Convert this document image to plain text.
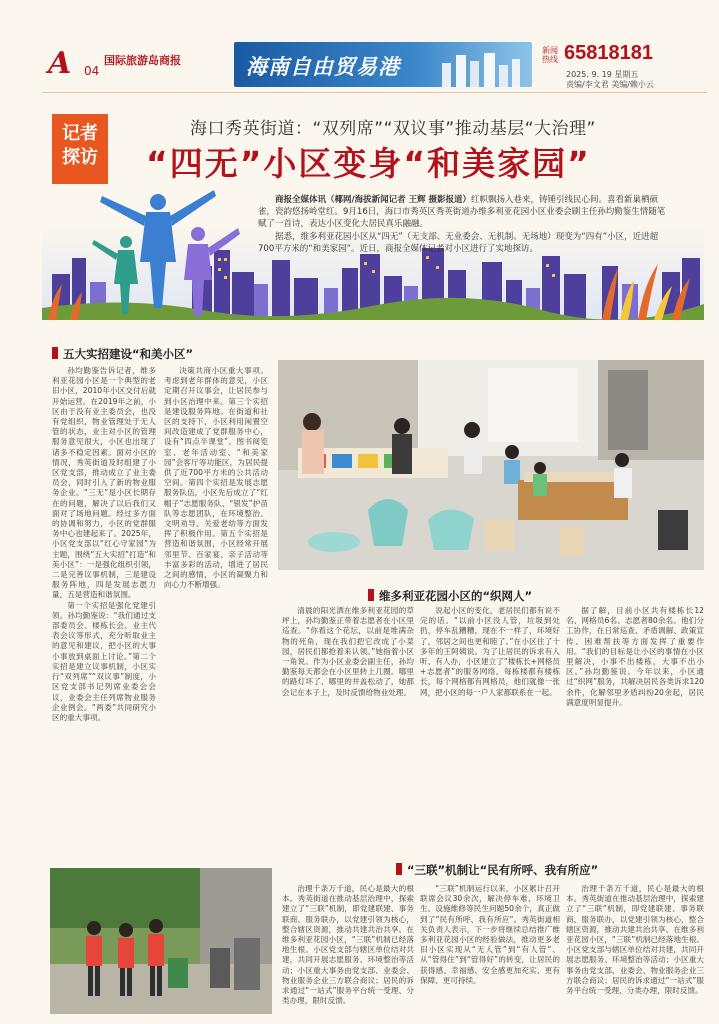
A 04
国际旅游岛商报	海南自由贸易港
新闻热线 65818181
2025. 9. 19 星期五
责编/李文君 美编/赖小云
记者
探访
海口秀英街道：“双列席”“双议事”推动基层“大治理”
“四无”小区变身“和美家园”

商报全媒体讯（椰网/海拔新闻记者 王辉 摄影报道）红帜飘扬入巷来，铸锤引线民心间。喜看新巢栖硕雀，瓷韵悠扬岭堂红。9月16日，海口市秀英区秀英街道办维多利亚花园小区业委会刷主任孙均勤鉴生情随笔赋了一首诗，表达小区变化大居民真乐融融。

据悉，维多利亚花园小区从“四无”（无支部、无业委会、无机制、无场地）现变为“四有”小区，近进超700平方米的“和美家园”。近日，商报全媒体记者对小区进行了实地探访。

五大实招建设“和美小区”

孙均勤鉴告诉记者，维多利亚花园小区是一个典型的老旧小区，2010年小区交付后就开始运营。在2019年之前，小区由于没有业主委员会，也没有党组织，物业管理处于无人管的状态，业主对小区的管理服务意见很大，小区也出现了诸多不稳定因素。面对小区的情况，秀英街道及时组建了小区党支部，推动成立了业主委员会，同时引入了新的物业服务企业。“三无”是小区长期存在的问题，解决了以后我们又面对了场地问题。经过多方面的协调和努力，小区的党群服务中心也建起来了。2025年，小区党支部以“红心守家园”为主题，围绕“五大实招”打造“和美小区”：一是强化组织引领，二是完善议事机制，三是建设服务阵地，四是发展志愿力量，五是营造和谐氛围。

第一个实招是强化党建引领。孙均勤鉴说：“我们通过支部委员会、楼栋长会、业主代表会议等形式，充分听取业主的意见和建议，把小区的大事小事放到桌面上讨论。”第二个实招是建立议事机制，小区实行“双列席”“双议事”制度，小区党支部书记列席业委会会议，业委会主任列席物业服务企业例会。“两委”共同研究小区的重大事项。

决策共商小区重大事项。考虑到老年群体的意见，小区定期召开议事会，让居民参与到小区治理中来。第三个实招是建设服务阵地。在街道和社区的支持下，小区利用闲置空间改造建成了党群服务中心，设有“四点半课堂”、图书阅览室、老年活动室、“和美家园”会客厅等功能区，为居民提供了近700平方米的公共活动空间。第四个实招是发展志愿服务队伍，小区先后成立了“红帽子”志愿服务队、“银发”护苗队等志愿团队，在环境整治、文明劝导、关爱老幼等方面发挥了积极作用。第五个实招是营造和谐氛围，小区经常开展邻里节、百家宴、亲子活动等丰富多彩的活动，增进了居民之间的感情，小区的凝聚力和向心力不断增强。

维多利亚花园小区的“织网人”

清晨的阳光洒在维多利亚花园的草坪上，孙均勤鉴正带着志愿者在小区里巡查。“你看这个花坛，以前是堆满杂物的死角，现在我们把它改成了小菜园，居民们都抢着来认领。”她指着小区一角说。作为小区业委会副主任，孙均勤鉴每天都会在小区里转上几圈。哪里的路灯坏了、哪里的井盖松动了，她都会记在本子上，及时反馈给物业处理。

说起小区的变化，老居民们都有说不完的话。“以前小区没人管，垃圾到处扔，停车乱糟糟，现在不一样了，环境好了，邻居之间也更和睦了。”在小区住了十多年的王阿姨说。为了让居民的诉求有人听、有人办，小区建立了“楼栋长+网格员+志愿者”的服务网络，每栋楼都有楼栋长，每个网格都有网格员，他们就像一张网，把小区的每一户人家都联系在一起。

据了解，目前小区共有楼栋长12名、网格员6名、志愿者80余名。他们分工协作，在日常巡查、矛盾调解、政策宣传、困难帮扶等方面发挥了重要作用。“我们的目标是让小区的事情在小区里解决，小事不出楼栋，大事不出小区。”孙均勤鉴说。今年以来，小区通过“织网”服务，共解决居民各类诉求120余件，化解邻里矛盾纠纷20余起，居民满意度明显提升。

“三联”机制让“民有所呼、我有所应”

治理千条万千道，民心是最大的根本。秀英街道在推动基层治理中，探索建立了“三联”机制，即党建联建、事务联商、服务联办，以党建引领为核心，整合辖区资源，推动共建共治共享。在维多利亚花园小区，“三联”机制已经落地生根。小区党支部与辖区单位结对共建，共同开展志愿服务、环境整治等活动；小区重大事务由党支部、业委会、物业服务企业三方联合商议；居民的诉求通过“一站式”服务平台统一受理、分类办理、限时反馈。

“三联”机制运行以来，小区累计召开联席会议30余次，解决停车难、环境卫生、设施维修等民生问题50余个，真正做到了“民有所呼、我有所应”。秀英街道相关负责人表示，下一步将继续总结推广维多利亚花园小区的经验做法，推动更多老旧小区实现从“无人管”到“有人管”、从“管得住”到“管得好”的转变，让居民的获得感、幸福感、安全感更加充实、更有保障、更可持续。

治理千条万千道，民心是最大的根本。秀英街道在推动基层治理中，探索建立了“三联”机制，即党建联建、事务联商、服务联办，以党建引领为核心，整合辖区资源，推动共建共治共享。在维多利亚花园小区，“三联”机制已经落地生根。小区党支部与辖区单位结对共建，共同开展志愿服务、环境整治等活动；小区重大事务由党支部、业委会、物业服务企业三方联合商议；居民的诉求通过“一站式”服务平台统一受理、分类办理、限时反馈。
